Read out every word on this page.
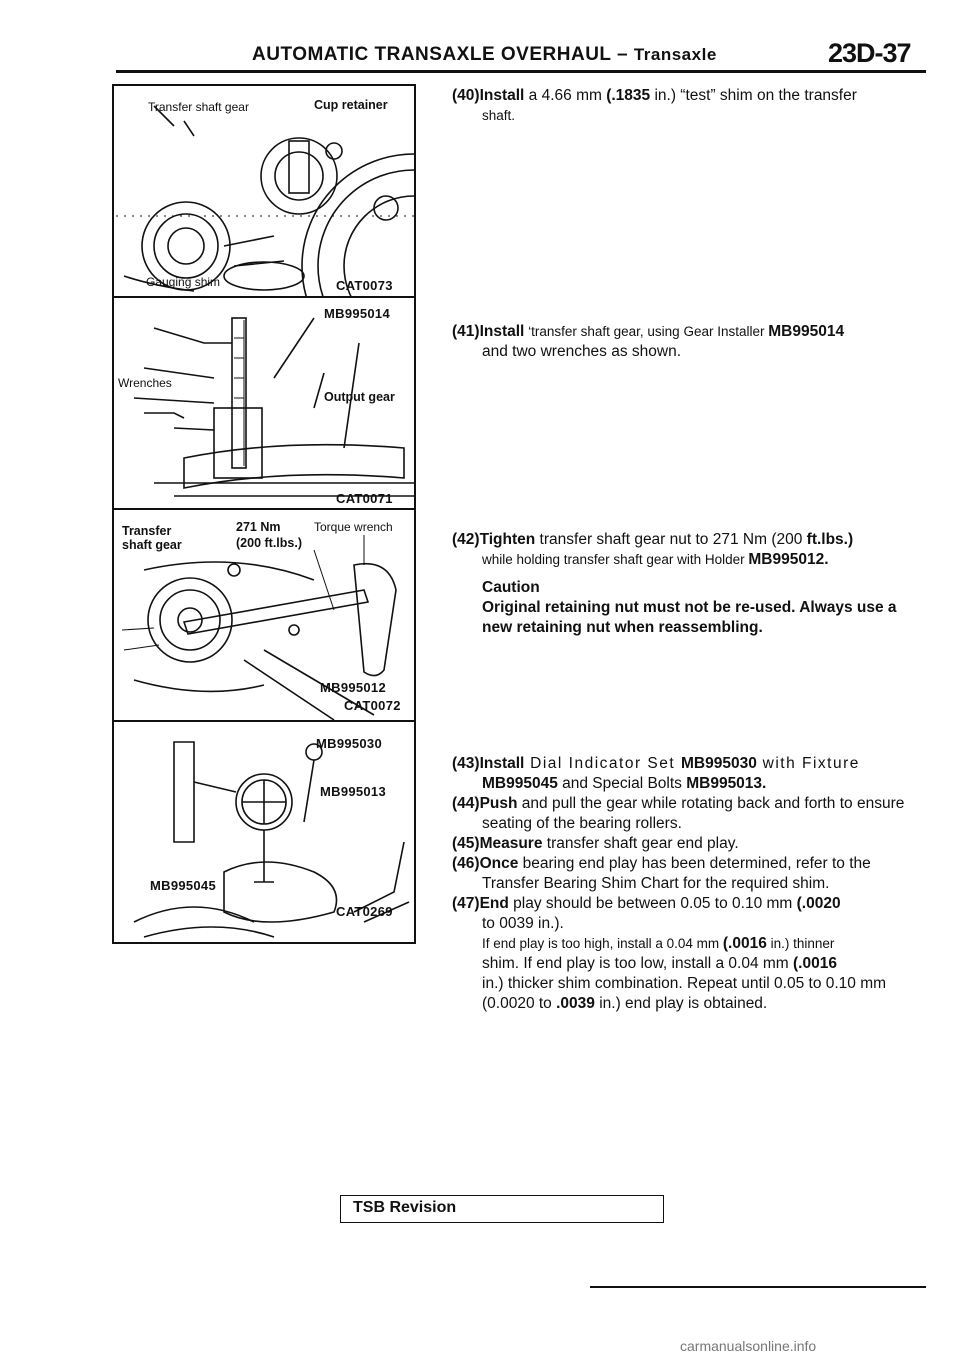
AUTOMATIC TRANSAXLE OVERHAUL – Transaxle	23D-37
Transfer shaft gear	Cup retainer
Gauging shim	CAT0073
MB995014
Wrenches
Output gear
CAT0071
Transfer shaft gear
271 Nm
(200 ft.lbs.)
Torque wrench
MB995012
CAT0072
MB995030
MB995013
MB995045
CAT0269
(40)Install a 4.66 mm (.1835 in.) “test” shim on the transfer
shaft.
(41)Install ‘transfer shaft gear, using Gear Installer MB995014
and two wrenches as shown.
(42)Tighten transfer shaft gear nut to 271 Nm (200 ft.lbs.)
while holding transfer shaft gear with Holder MB995012.
Caution
Original retaining nut must not be re-used. Always use a new retaining nut when reassembling.
(43)Install Dial Indicator Set MB995030 with Fixture
MB995045 and Special Bolts MB995013.
(44)Push and pull the gear while rotating back and forth to ensure seating of the bearing rollers.
(45)Measure transfer shaft gear end play.
(46)Once bearing end play has been determined, refer to the Transfer Bearing Shim Chart for the required shim.
(47)End play should be between 0.05 to 0.10 mm (.0020
to 0039 in.).
If end play is too high, install a 0.04 mm (.0016 in.) thinner
shim. If end play is too low, install a 0.04 mm (.0016
in.) thicker shim combination. Repeat until 0.05 to 0.10 mm (0.0020 to .0039 in.) end play is obtained.
TSB Revision
carmanualsonline.info
